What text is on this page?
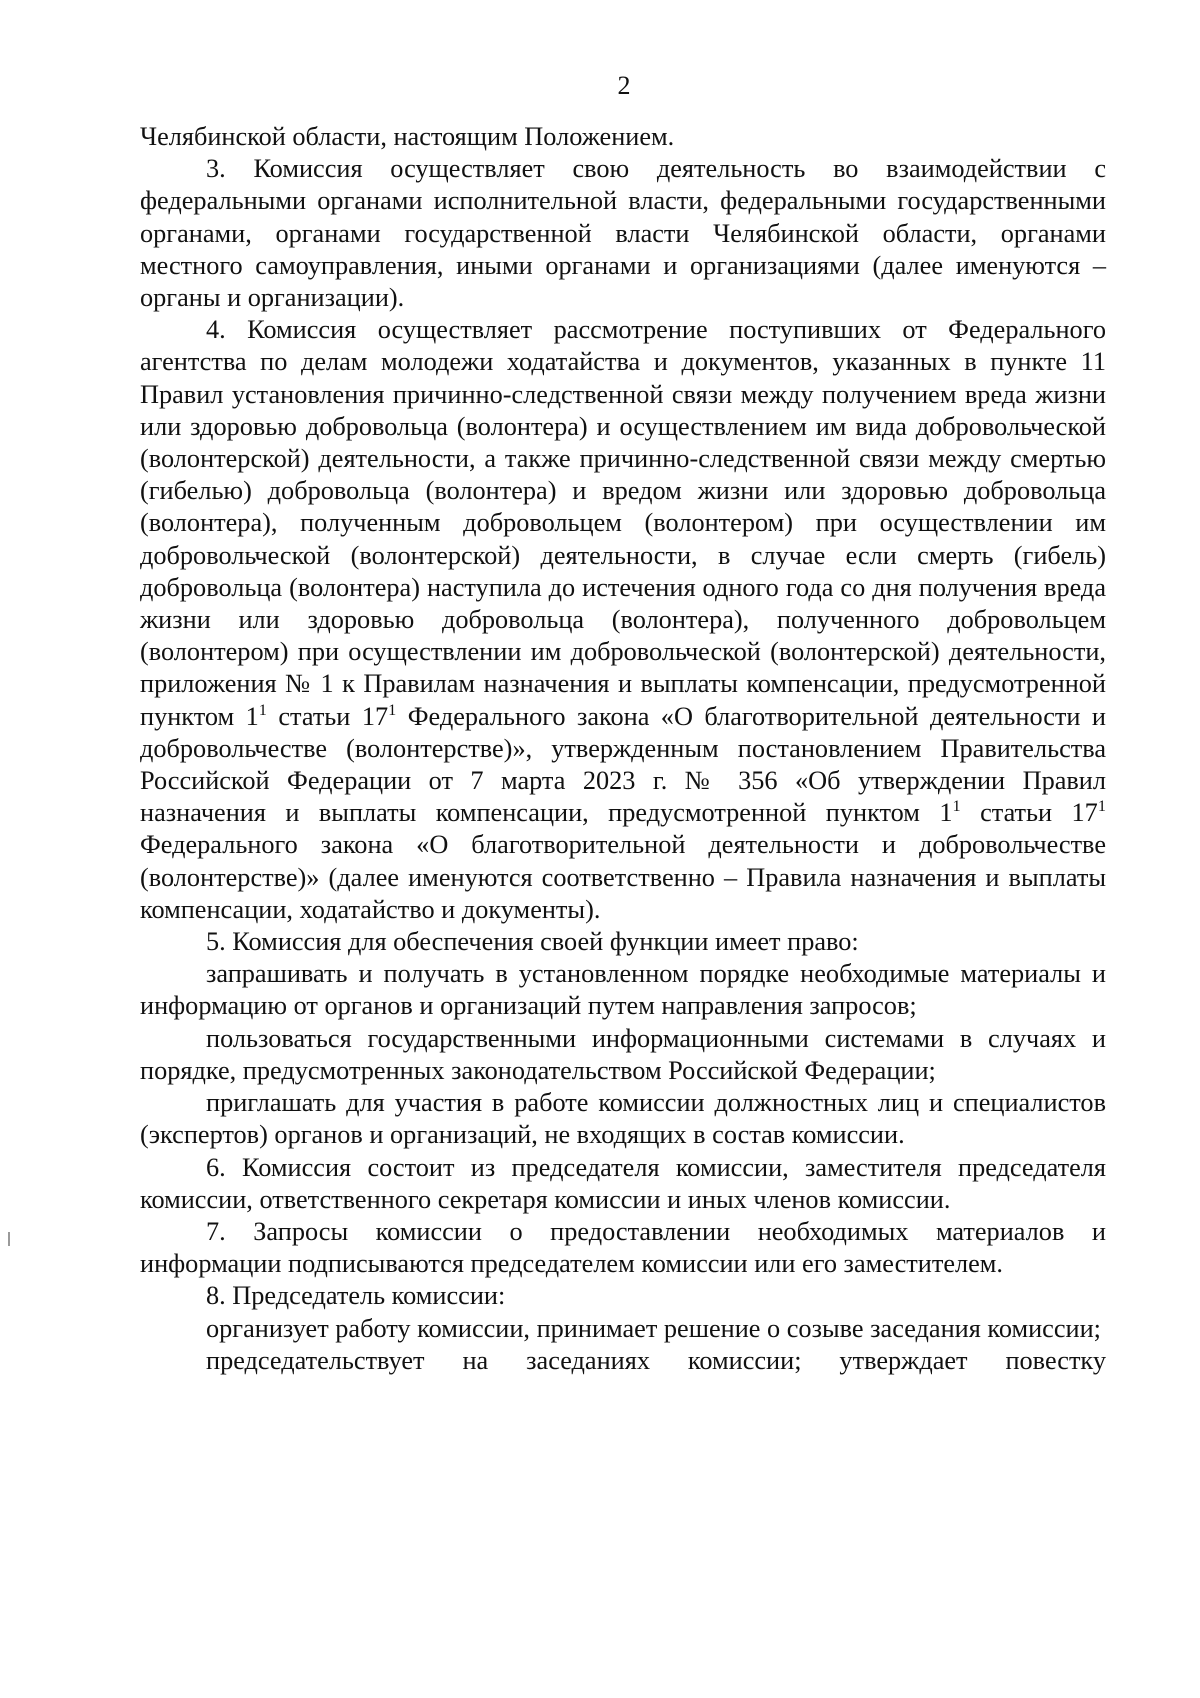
2

Челябинской области, настоящим Положением.

3. Комиссия осуществляет свою деятельность во взаимодействии с федеральными органами исполнительной власти, федеральными государственными органами, органами государственной власти Челябинской области, органами местного самоуправления, иными органами и организациями (далее именуются – органы и организации).

4. Комиссия осуществляет рассмотрение поступивших от Федерального агентства по делам молодежи ходатайства и документов, указанных в пункте 11 Правил установления причинно-следственной связи между получением вреда жизни или здоровью добровольца (волонтера) и осуществлением им вида добровольческой (волонтерской) деятельности, а также причинно-следственной связи между смертью (гибелью) добровольца (волонтера) и вредом жизни или здоровью добровольца (волонтера), полученным добровольцем (волонтером) при осуществлении им добровольческой (волонтерской) деятельности, в случае если смерть (гибель) добровольца (волонтера) наступила до истечения одного года со дня получения вреда жизни или здоровью добровольца (волонтера), полученного добровольцем (волонтером) при осуществлении им добровольческой (волонтерской) деятельности, приложения № 1 к Правилам назначения и выплаты компенсации, предусмотренной пунктом $1^1$ статьи $17^1$ Федерального закона «О благотворительной деятельности и добровольчестве (волонтерстве)», утвержденным постановлением Правительства Российской Федерации от 7 марта 2023 г. № 356 «Об утверждении Правил назначения и выплаты компенсации, предусмотренной пунктом $1^1$ статьи $17^1$ Федерального закона «О благотворительной деятельности и добровольчестве (волонтерстве)» (далее именуются соответственно – Правила назначения и выплаты компенсации, ходатайство и документы).

5. Комиссия для обеспечения своей функции имеет право:

запрашивать и получать в установленном порядке необходимые материалы и информацию от органов и организаций путем направления запросов;

пользоваться государственными информационными системами в случаях и порядке, предусмотренных законодательством Российской Федерации;

приглашать для участия в работе комиссии должностных лиц и специалистов (экспертов) органов и организаций, не входящих в состав комиссии.

6. Комиссия состоит из председателя комиссии, заместителя председателя комиссии, ответственного секретаря комиссии и иных членов комиссии.

7. Запросы комиссии о предоставлении необходимых материалов и информации подписываются председателем комиссии или его заместителем.

8. Председатель комиссии:

организует работу комиссии, принимает решение о созыве заседания комиссии;

председательствует на заседаниях комиссии; утверждает повестку
